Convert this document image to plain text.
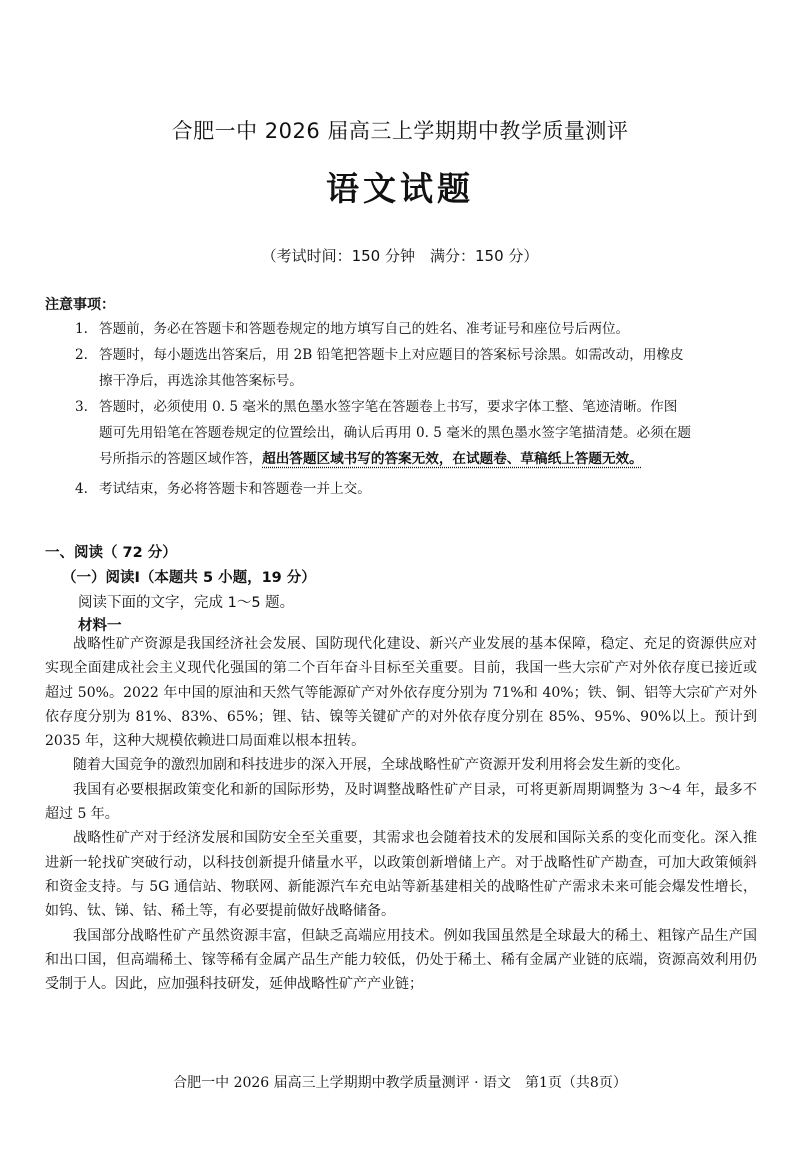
合肥一中 2026 届高三上学期期中教学质量测评
语文试题
（考试时间：150 分钟　满分：150 分）
注意事项：
1. 答题前，务必在答题卡和答题卷规定的地方填写自己的姓名、准考证号和座位号后两位。
2. 答题时，每小题选出答案后，用 2B 铅笔把答题卡上对应题目的答案标号涂黑。如需改动，用橡皮
擦干净后，再选涂其他答案标号。
3. 答题时，必须使用 0. 5 毫米的黑色墨水签字笔在答题卷上书写，要求字体工整、笔迹清晰。作图
题可先用铅笔在答题卷规定的位置绘出，确认后再用 0. 5 毫米的黑色墨水签字笔描清楚。必须在题
号所指示的答题区域作答，超出答题区域书写的答案无效，在试题卷、草稿纸上答题无效。
4. 考试结束，务必将答题卡和答题卷一并上交。
一、阅读（ 72 分）
（一）阅读Ⅰ（本题共 5 小题，19 分）
阅读下面的文字，完成 1～5 题。
材料一

战略性矿产资源是我国经济社会发展、国防现代化建设、新兴产业发展的基本保障，稳定、充足的资源供应对实现全面建成社会主义现代化强国的第二个百年奋斗目标至关重要。目前，我国一些大宗矿产对外依存度已接近或超过 50%。2022 年中国的原油和天然气等能源矿产对外依存度分别为 71%和 40%；铁、铜、铝等大宗矿产对外依存度分别为 81%、83%、65%；锂、钴、镍等关键矿产的对外依存度分别在 85%、95%、90%以上。预计到 2035 年，这种大规模依赖进口局面难以根本扭转。

随着大国竞争的激烈加剧和科技进步的深入开展，全球战略性矿产资源开发利用将会发生新的变化。

我国有必要根据政策变化和新的国际形势，及时调整战略性矿产目录，可将更新周期调整为 3～4 年，最多不超过 5 年。

战略性矿产对于经济发展和国防安全至关重要，其需求也会随着技术的发展和国际关系的变化而变化。深入推进新一轮找矿突破行动，以科技创新提升储量水平，以政策创新增储上产。对于战略性矿产勘查，可加大政策倾斜和资金支持。与 5G 通信站、物联网、新能源汽车充电站等新基建相关的战略性矿产需求未来可能会爆发性增长，如钨、钛、锑、钴、稀土等，有必要提前做好战略储备。

我国部分战略性矿产虽然资源丰富，但缺乏高端应用技术。例如我国虽然是全球最大的稀土、粗镓产品生产国和出口国，但高端稀土、镓等稀有金属产品生产能力较低，仍处于稀土、稀有金属产业链的底端，资源高效利用仍受制于人。因此，应加强科技研发，延伸战略性矿产产业链；

合肥一中 2026 届高三上学期期中教学质量测评 · 语文　第1页（共8页）
